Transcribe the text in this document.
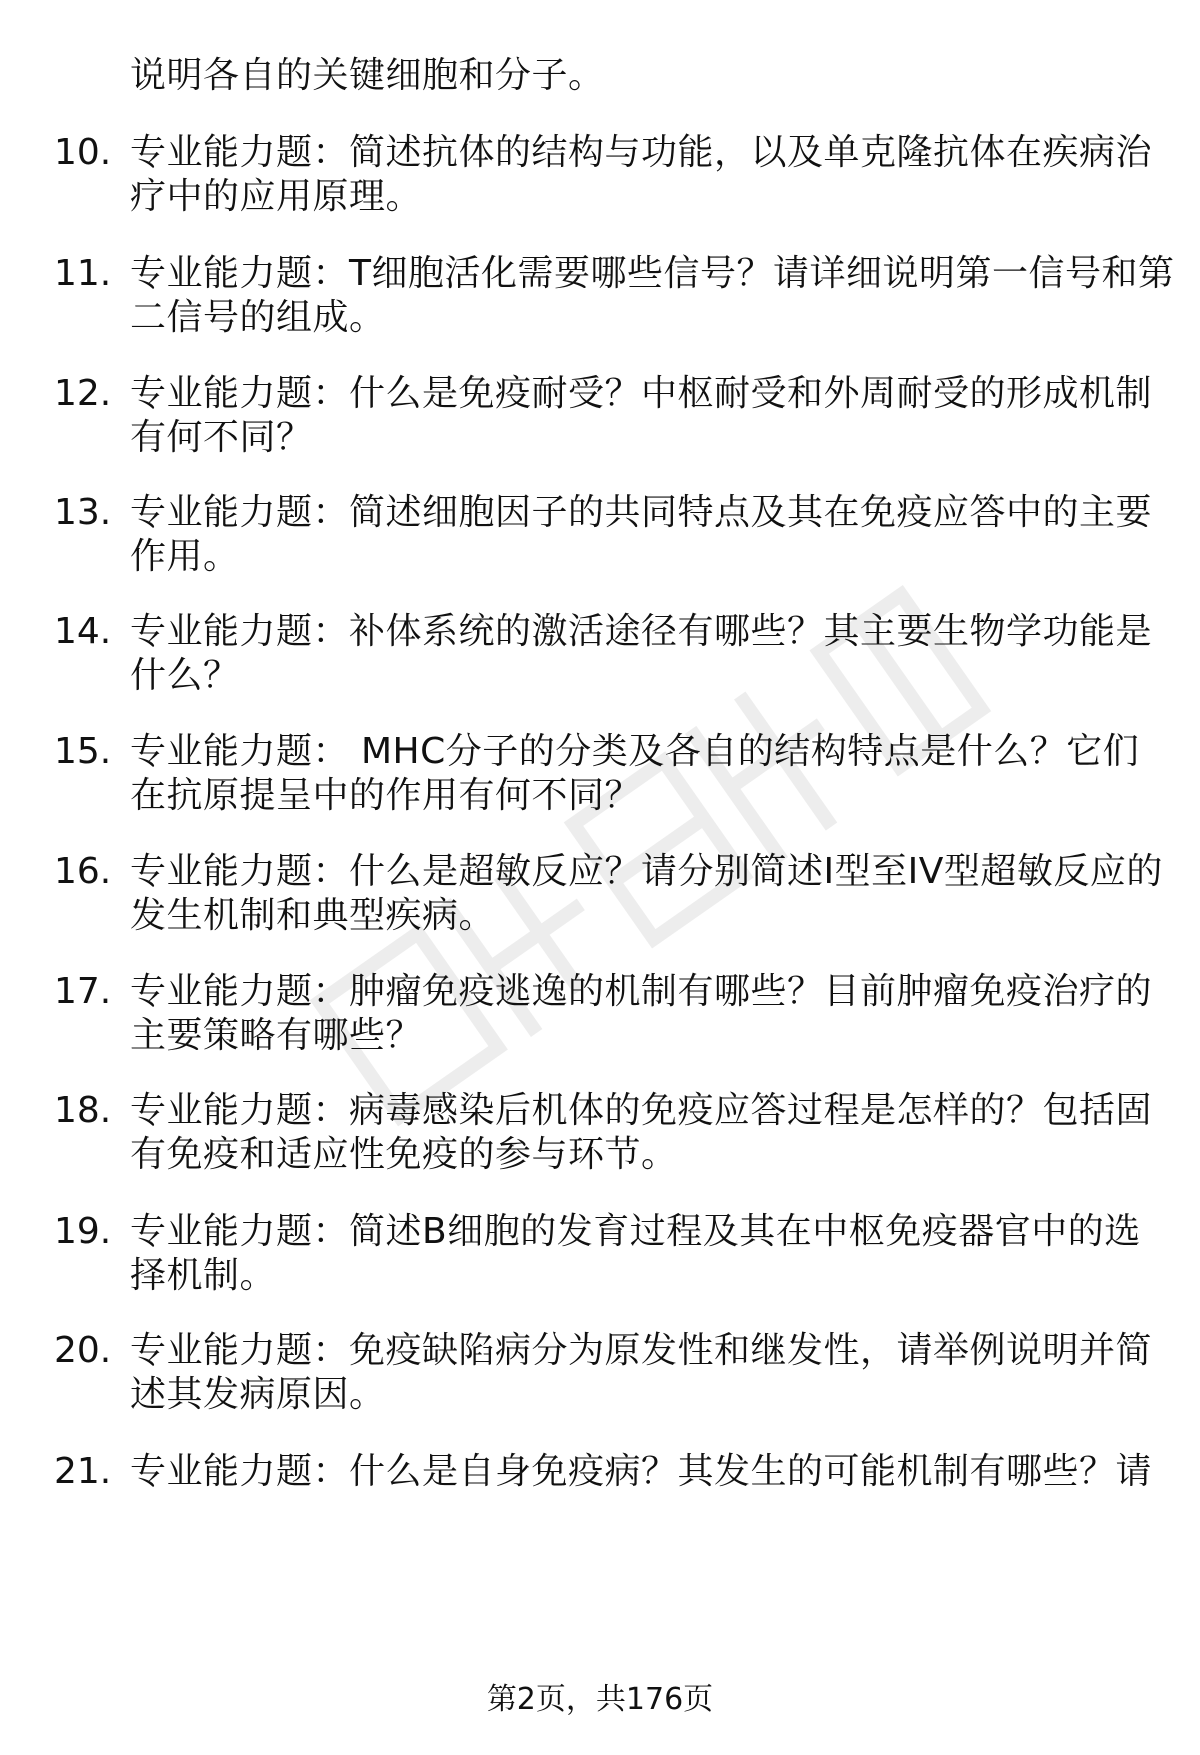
说明各自的关键细胞和分子。
10. 专业能力题：简述抗体的结构与功能，以及单克隆抗体在疾病治
疗中的应用原理。
11. 专业能力题：T细胞活化需要哪些信号？请详细说明第一信号和第
二信号的组成。
12. 专业能力题：什么是免疫耐受？中枢耐受和外周耐受的形成机制
有何不同？
13. 专业能力题：简述细胞因子的共同特点及其在免疫应答中的主要
作用。
14. 专业能力题：补体系统的激活途径有哪些？其主要生物学功能是
什么？
15. 专业能力题： MHC分子的分类及各自的结构特点是什么？它们
在抗原提呈中的作用有何不同？
16. 专业能力题：什么是超敏反应？请分别简述I型至IV型超敏反应的
发生机制和典型疾病。
17. 专业能力题：肿瘤免疫逃逸的机制有哪些？目前肿瘤免疫治疗的
主要策略有哪些？
18. 专业能力题：病毒感染后机体的免疫应答过程是怎样的？包括固
有免疫和适应性免疫的参与环节。
19. 专业能力题：简述B细胞的发育过程及其在中枢免疫器官中的选
择机制。
20. 专业能力题：免疫缺陷病分为原发性和继发性，请举例说明并简
述其发病原因。
21. 专业能力题：什么是自身免疫病？其发生的可能机制有哪些？请
第2页，共176页
